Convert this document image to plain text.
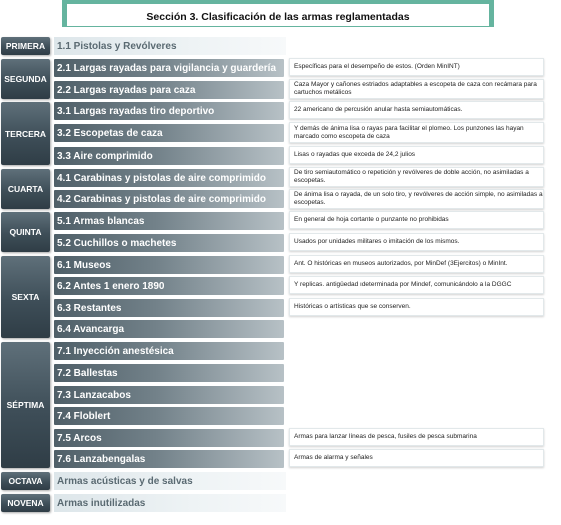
Sección 3. Clasificación de las armas reglamentadas
PRIMERA
SEGUNDA
TERCERA
CUARTA
QUINTA
SEXTA
SÉPTIMA
OCTAVA
NOVENA
1.1 Pistolas y Revólveres
2.1 Largas rayadas para vigilancia y guardería
2.2 Largas rayadas para caza
3.1 Largas rayadas tiro deportivo
3.2 Escopetas de caza
3.3 Aire comprimido
4.1 Carabinas y pistolas de aire comprimido
4.2 Carabinas y pistolas de aire comprimido
5.1 Armas blancas
5.2 Cuchillos o machetes
6.1 Museos
6.2 Antes 1 enero 1890
6.3 Restantes
6.4 Avancarga
7.1 Inyección anestésica
7.2 Ballestas
7.3 Lanzacabos
7.4 Floblert
7.5 Arcos
7.6 Lanzabengalas
Armas acústicas y de salvas
Armas inutilizadas
Específicas para el desempeño de estos. (Orden MinINT)
Caza Mayor y cañones estriados adaptables a escopeta de caza con recámara para cartuchos metálicos
22 americano de percusión anular hasta semiautomáticas.
Y demás de ánima lisa o rayas para facilitar el plomeo. Los punzones las hayan marcado como escopeta de caza
Lisas o rayadas que exceda de 24,2 julios
De tiro semiautomático o repetición y revólveres de doble acción, no asimiladas a escopetas.
De ánima lisa o rayada, de un solo tiro, y revólveres de acción simple, no asimiladas a escopetas.
En general de hoja cortante o punzante no prohibidas
Usados por unidades militares o imitación de los mismos.
Ant. O históricas en museos autorizados, por MinDef (3Ejercitos) o MinInt.
Y replicas. antigüedad ıdeterminada por Mindef, comunicándolo a la DGGC
Históricas o artísticas que se conserven.
Armas para lanzar líneas de pesca, fusiles de pesca submarina
Armas de alarma y señales
